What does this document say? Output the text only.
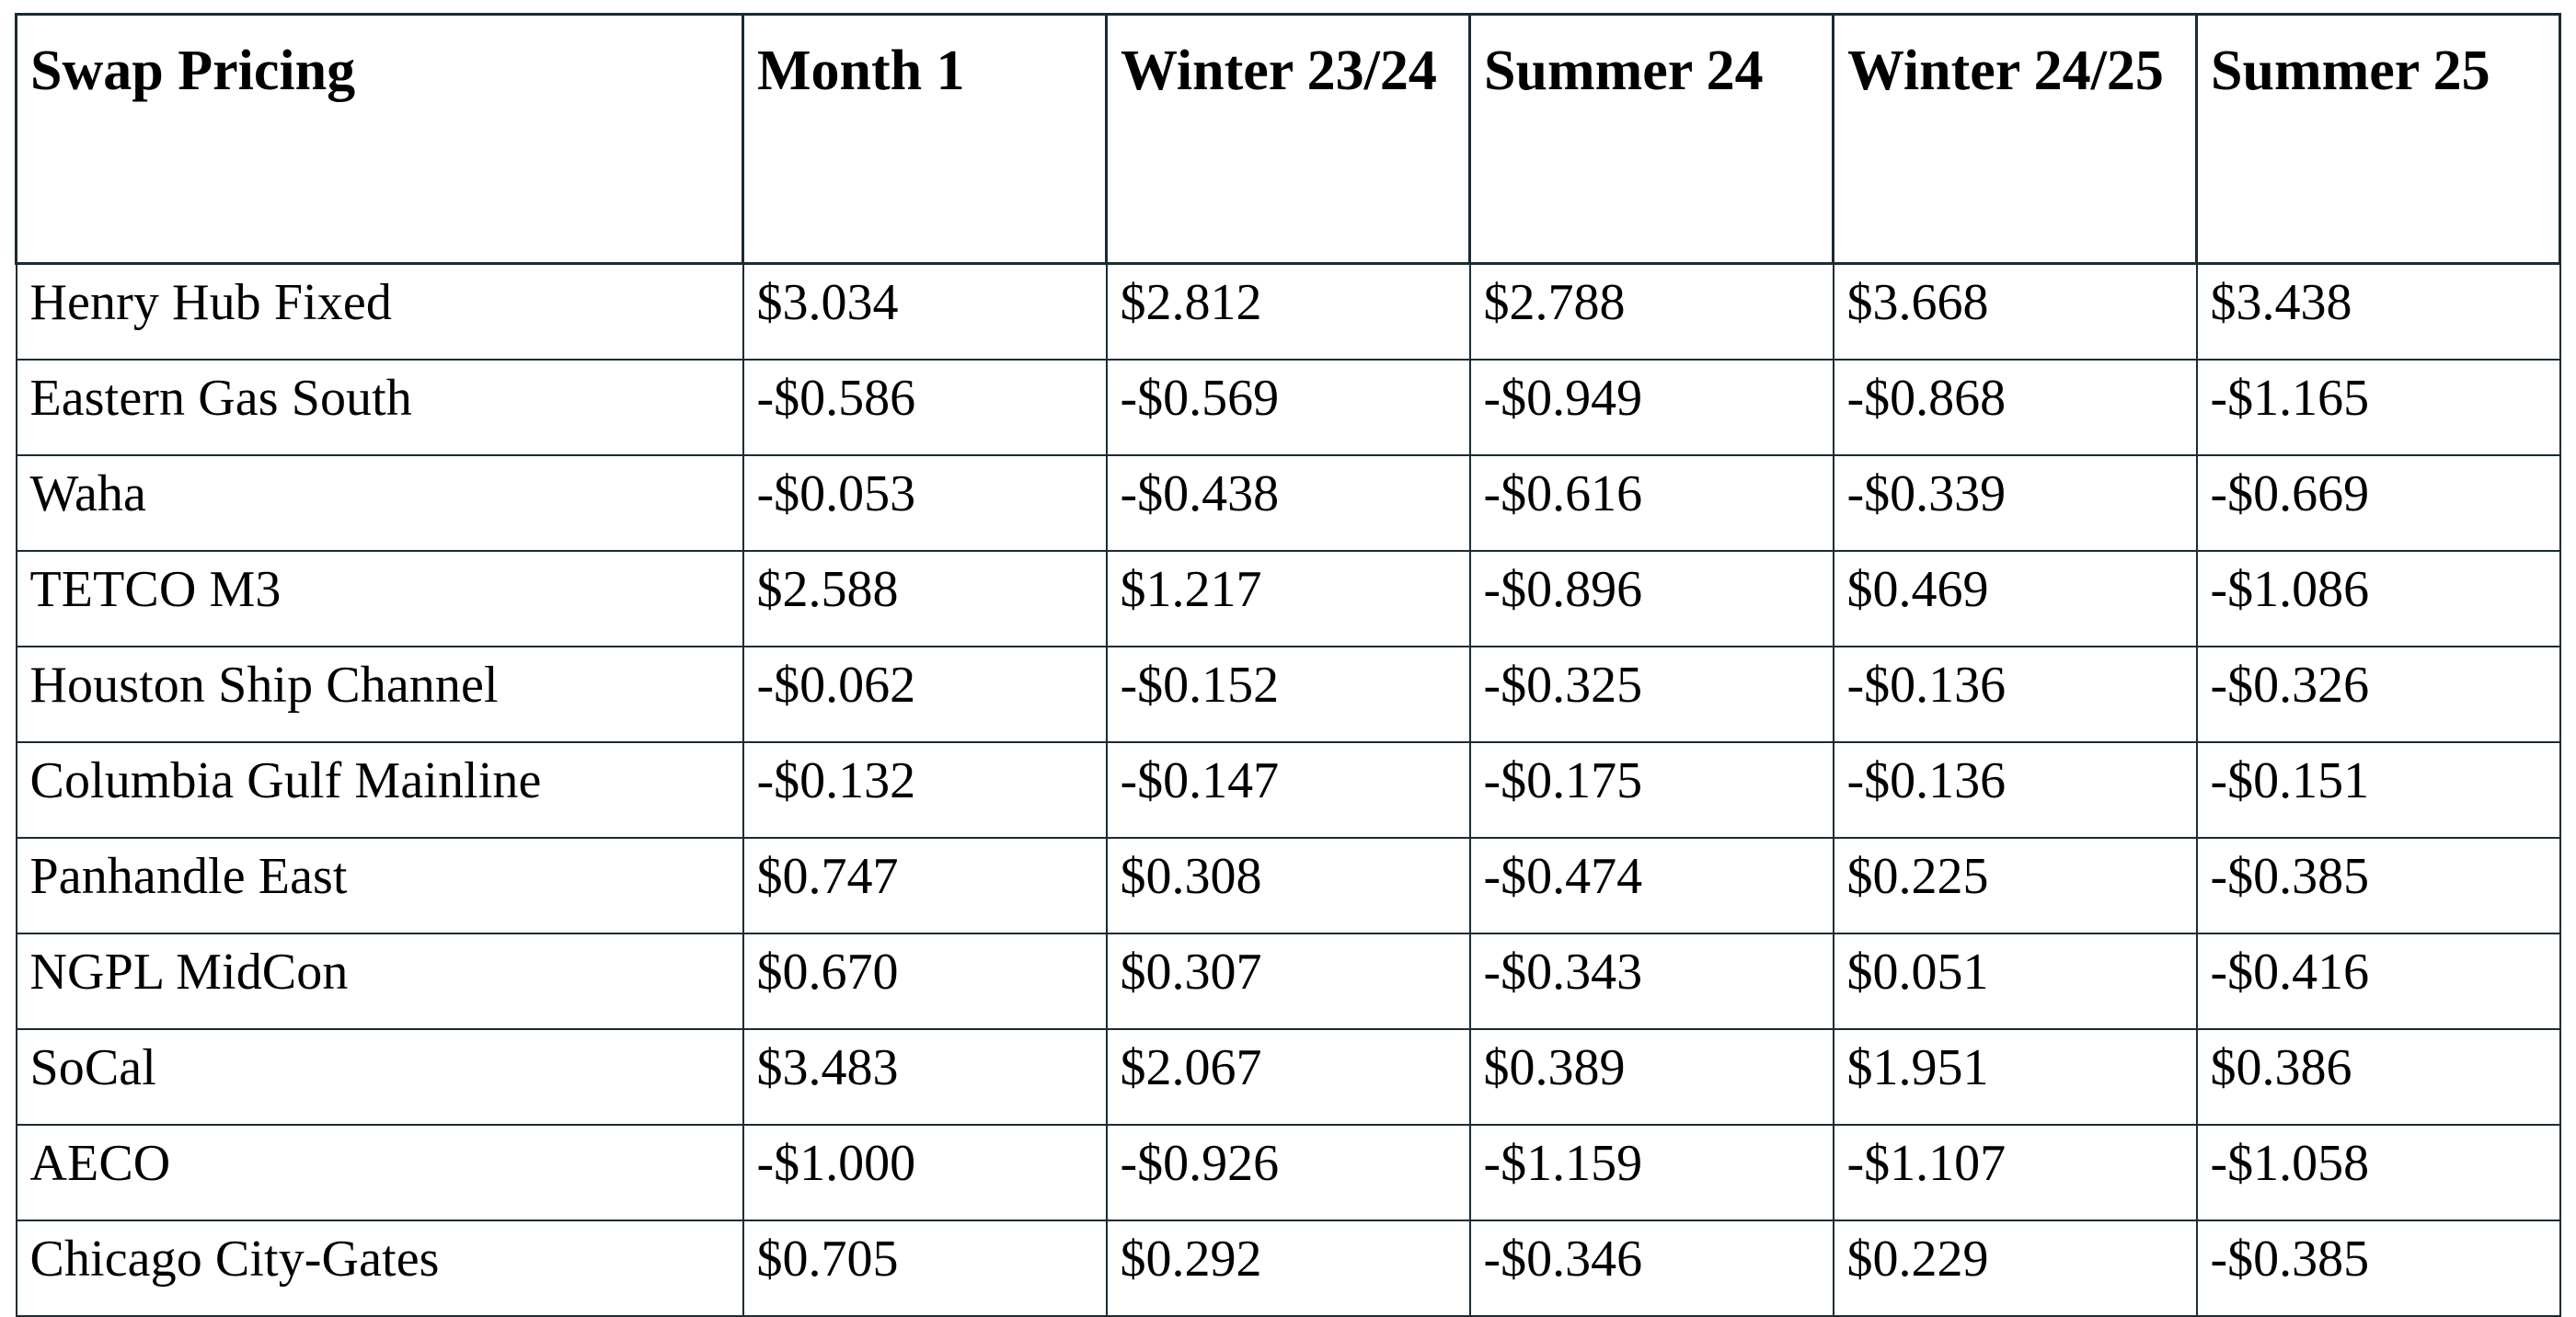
Swap Pricing	Month 1	Winter 23/24	Summer 24	Winter 24/25	Summer 25

Henry Hub Fixed	$3.034	$2.812	$2.788	$3.668	$3.438
Eastern Gas South	-$0.586	-$0.569	-$0.949	-$0.868	-$1.165
Waha	-$0.053	-$0.438	-$0.616	-$0.339	-$0.669
TETCO M3	$2.588	$1.217	-$0.896	$0.469	-$1.086
Houston Ship Channel	-$0.062	-$0.152	-$0.325	-$0.136	-$0.326
Columbia Gulf Mainline	-$0.132	-$0.147	-$0.175	-$0.136	-$0.151
Panhandle East	$0.747	$0.308	-$0.474	$0.225	-$0.385
NGPL MidCon	$0.670	$0.307	-$0.343	$0.051	-$0.416
SoCal	$3.483	$2.067	$0.389	$1.951	$0.386
AECO	-$1.000	-$0.926	-$1.159	-$1.107	-$1.058
Chicago City-Gates	$0.705	$0.292	-$0.346	$0.229	-$0.385
